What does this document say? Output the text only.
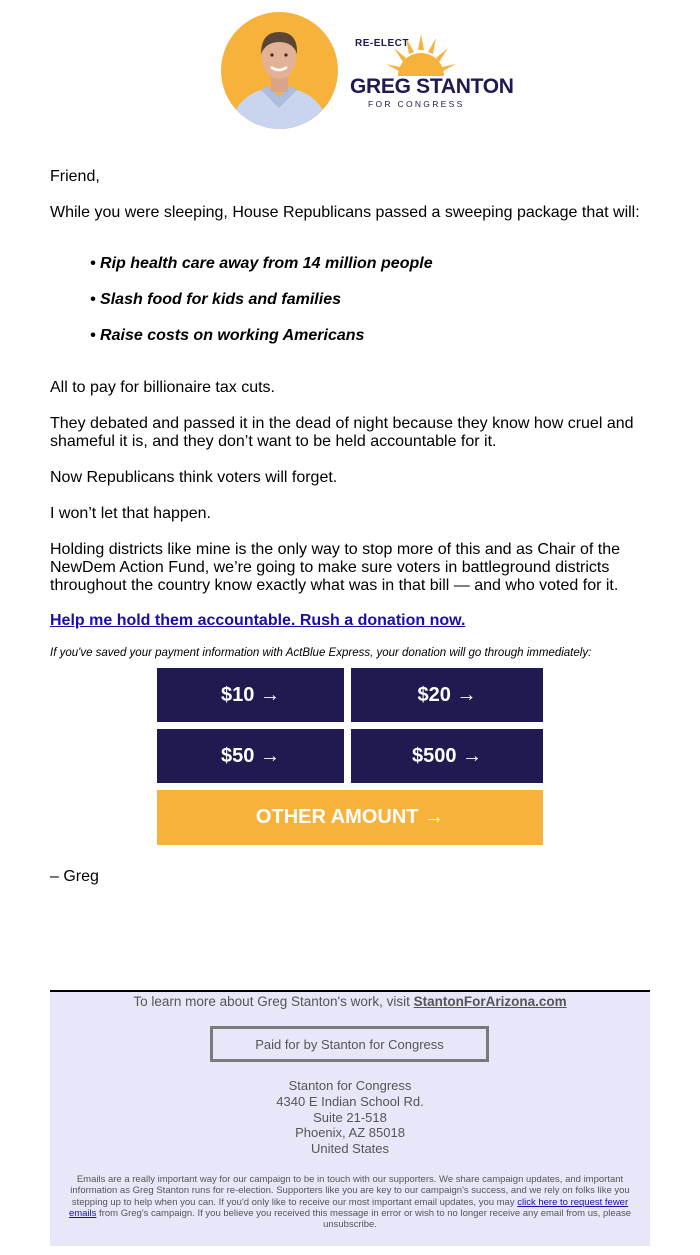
RE-ELECT
GREG STANTON
FOR CONGRESS

Friend,

While you were sleeping, House Republicans passed a sweeping package that will:

• Rip health care away from 14 million people
• Slash food for kids and families
• Raise costs on working Americans

All to pay for billionaire tax cuts.

They debated and passed it in the dead of night because they know how cruel and shameful it is, and they don’t want to be held accountable for it.

Now Republicans think voters will forget.

I won’t let that happen.

Holding districts like mine is the only way to stop more of this and as Chair of the NewDem Action Fund, we’re going to make sure voters in battleground districts throughout the country know exactly what was in that bill — and who voted for it.

Help me hold them accountable. Rush a donation now.
If you've saved your payment information with ActBlue Express, your donation will go through immediately:
$10 →	$20 →
$50 →	$500 →
OTHER AMOUNT →
– Greg
To learn more about Greg Stanton's work, visit StantonForArizona.com
Paid for by Stanton for Congress
Stanton for Congress
4340 E Indian School Rd.
Suite 21-518
Phoenix, AZ 85018
United States
Emails are a really important way for our campaign to be in touch with our supporters. We share campaign updates, and important information as Greg Stanton runs for re-election. Supporters like you are key to our campaign's success, and we rely on folks like you stepping up to help when you can. If you'd only like to receive our most important email updates, you may click here to request fewer emails from Greg's campaign. If you believe you received this message in error or wish to no longer receive any email from us, please unsubscribe.
